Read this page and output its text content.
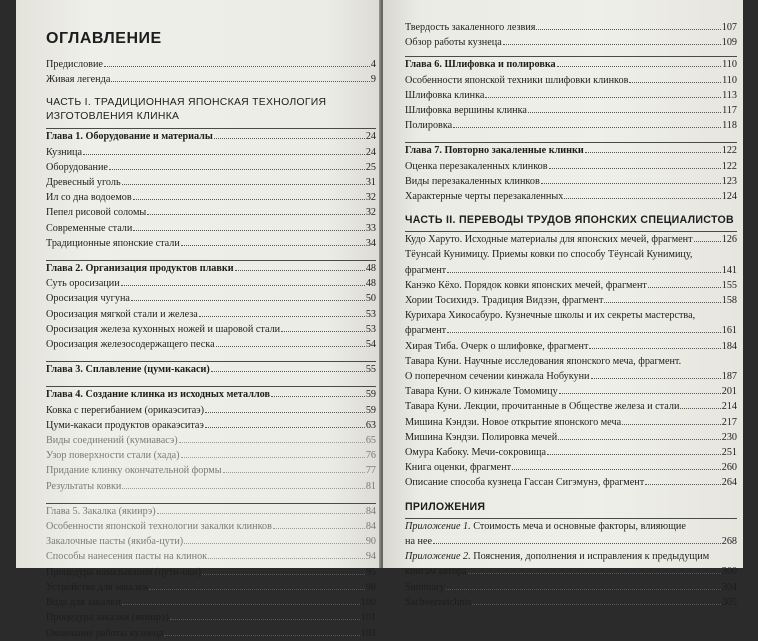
ОГЛАВЛЕНИЕ
Предисловие	4
Живая легенда	9
ЧАСТЬ I. ТРАДИЦИОННАЯ ЯПОНСКАЯ ТЕХНОЛОГИЯ
ИЗГОТОВЛЕНИЯ КЛИНКА
Глава 1. Оборудование и материалы	24
Кузница	24
Оборудование	25
Древесный уголь	31
Ил со дна водоемов	32
Пепел рисовой соломы	32
Современные стали	33
Традиционные японские стали	34
Глава 2. Организация продуктов плавки	48
Суть оросизации	48
Оросизация чугуна	50
Оросизация мягкой стали и железа	53
Оросизация железа кухонных ножей и шаровой стали	53
Оросизация железосодержащего песка	54
Глава 3. Сплавление (цуми-какаси)	55
Глава 4. Создание клинка из исходных металлов	59
Ковка с перегибанием (орикаэситаэ)	59
Цуми-какаси продуктов оракаэситаэ	63
Виды соединений (кумиавасэ)	65
Узор поверхности стали (хада)	76
Придание клинку окончательной формы	77
Результаты ковки	81
Глава 5. Закалка (якиирэ)	84
Особенности японской технологии закалки клинков	84
Закалочные пасты (якиба-цути)	90
Способы нанесения пасты на клинок	94
Процедура намазывания (цути-оки)	95
Устройства для закалки	98
Вода для закалки	100
Процедура закалки (якиирэ)	101
Окончание работы кузнеца	103
Твердость закаленного лезвия	107
Обзор работы кузнеца	109
Глава 6. Шлифовка и полировка	110
Особенности японской техники шлифовки клинков	110
Шлифовка клинка	113
Шлифовка вершины клинка	117
Полировка	118
Глава 7. Повторно закаленные клинки	122
Оценка перезакаленных клинков	122
Виды перезакаленных клинков	123
Характерные черты перезакаленных	124
ЧАСТЬ II. ПЕРЕВОДЫ ТРУДОВ ЯПОНСКИХ СПЕЦИАЛИСТОВ
Кудо Харуто. Исходные материалы для японских мечей, фрагмент	126
Тёунсай Кунимицу. Приемы ковки по способу Тёунсай Кунимицу,
фрагмент	141
Канэко Кёхо. Порядок ковки японских мечей, фрагмент	155
Хории Тосихидэ. Традиция Видзэн, фрагмент	158
Курихара Хикосабуро. Кузнечные школы и их секреты мастерства,
фрагмент	161
Хирая Тиба. Очерк о шлифовке, фрагмент	184
Тавара Куни. Научные исследования японского меча, фрагмент.
О поперечном сечении кинжала Нобукуни	187
Тавара Куни. О кинжале Томомицу	201
Тавара Куни. Лекции, прочитанные в Обществе железа и стали	214
Мишина Кэндзи. Новое открытие японского меча	217
Мишина Кэндзи. Полировка мечей	230
Омура Кабоку. Мечи-сокровища	251
Книга оценки, фрагмент	260
Описание способа кузнеца Гассан Сигэмунэ, фрагмент	264
ПРИЛОЖЕНИЯ
Приложение 1. Стоимость меча и основные факторы, влияющие
на нее	268
Приложение 2. Пояснения, дополнения и исправления к предыдущим
книгам автора	300
Summary	304
Sachverzeichnis	305
